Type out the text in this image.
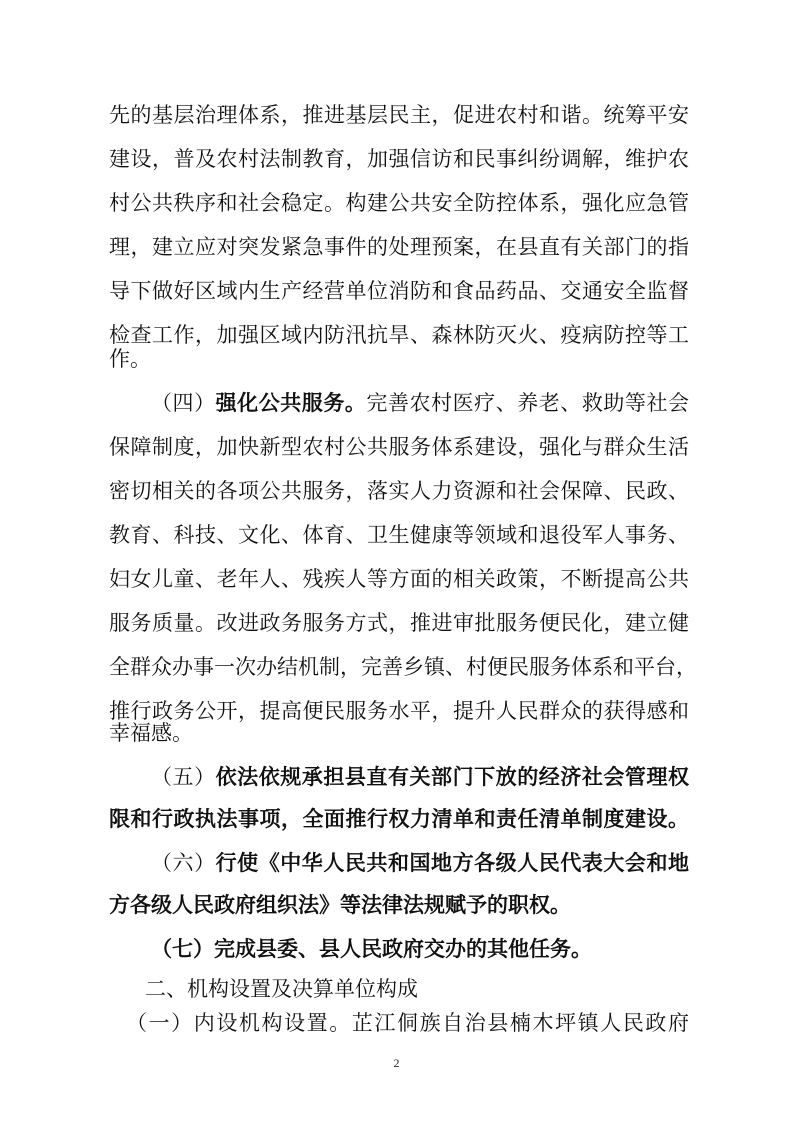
先的基层治理体系，推进基层民主，促进农村和谐。统筹平安
建设，普及农村法制教育，加强信访和民事纠纷调解，维护农
村公共秩序和社会稳定。构建公共安全防控体系，强化应急管
理，建立应对突发紧急事件的处理预案，在县直有关部门的指
导下做好区域内生产经营单位消防和食品药品、交通安全监督
检查工作，加强区域内防汛抗旱、森林防灭火、疫病防控等工
作。
（四）强化公共服务。完善农村医疗、养老、救助等社会
保障制度，加快新型农村公共服务体系建设，强化与群众生活
密切相关的各项公共服务，落实人力资源和社会保障、民政、
教育、科技、文化、体育、卫生健康等领域和退役军人事务、
妇女儿童、老年人、残疾人等方面的相关政策，不断提高公共
服务质量。改进政务服务方式，推进审批服务便民化，建立健
全群众办事一次办结机制，完善乡镇、村便民服务体系和平台，
推行政务公开，提高便民服务水平，提升人民群众的获得感和
幸福感。
（五）依法依规承担县直有关部门下放的经济社会管理权
限和行政执法事项，全面推行权力清单和责任清单制度建设。
（六）行使《中华人民共和国地方各级人民代表大会和地
方各级人民政府组织法》等法律法规赋予的职权。
（七）完成县委、县人民政府交办的其他任务。
二、机构设置及决算单位构成
（一）内设机构设置。芷江侗族自治县楠木坪镇人民政府
2
